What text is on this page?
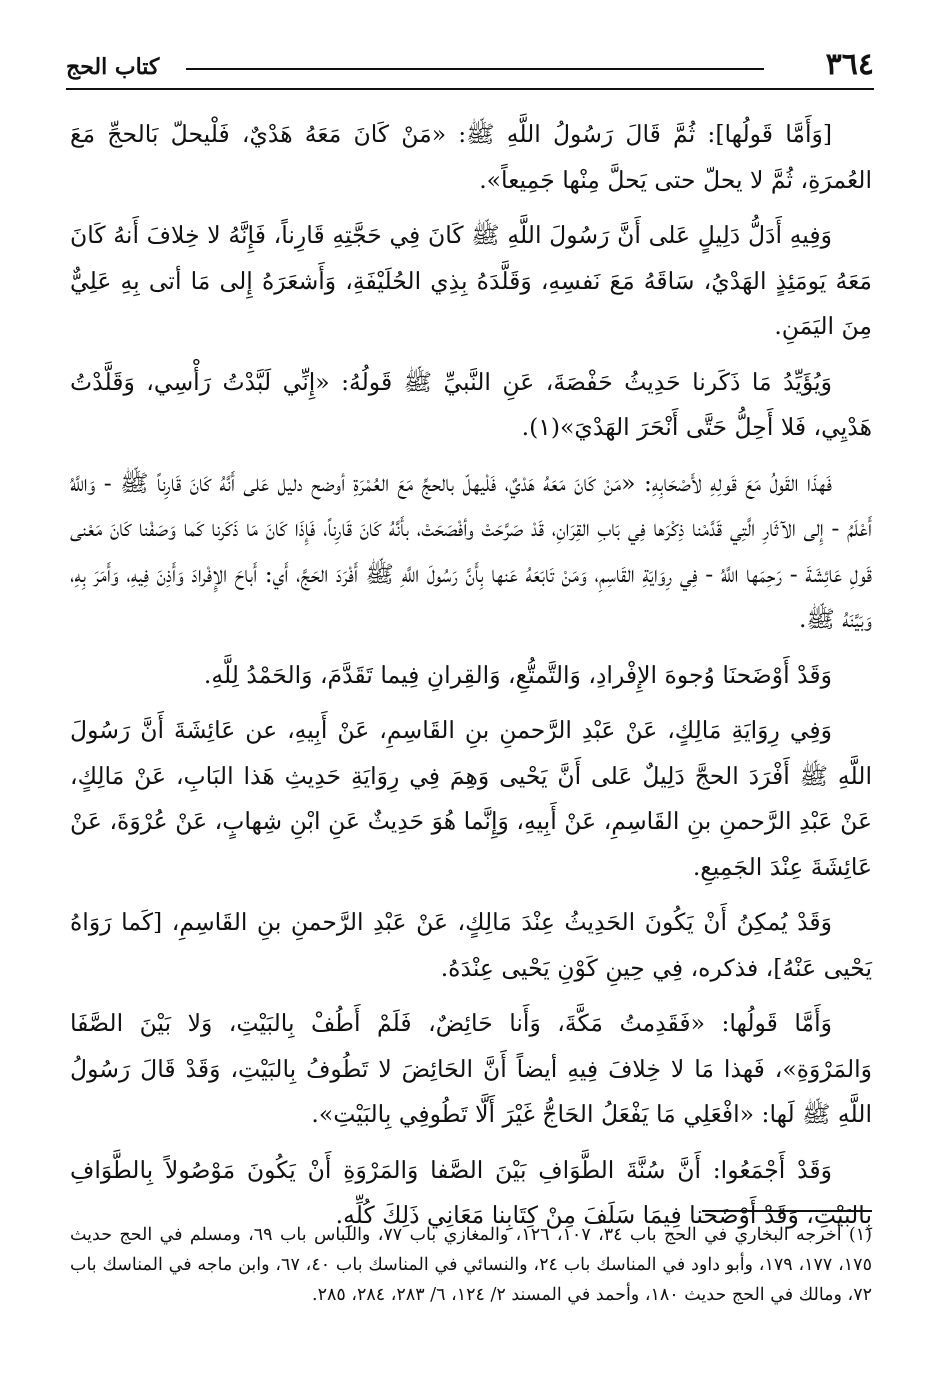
٣٦٤
كتاب الحج

[وَأَمَّا قَولُها]: ثُمَّ قَالَ رَسُولُ اللَّهِ ﷺ: «مَنْ كَانَ مَعَهُ هَدْيٌ، فَلْيحلّ بَالحجِّ مَعَ العُمرَةِ، ثُمَّ لا يحلّ حتى يَحلَّ مِنْها جَمِيعاً».

وَفِيهِ أَدَلُّ دَلِيلٍ عَلى أَنَّ رَسُولَ اللَّهِ ﷺ كَانَ فِي حَجَّتِهِ قَارِناً، فَإِنَّهُ لا خِلافَ أَنهُ كَانَ مَعَهُ يَومَئِذٍ الهَدْيُ، سَاقَهُ مَعَ نَفسِهِ، وَقَلَّدَهُ بِذِي الحُلَيْفَةِ، وَأَشعَرَهُ إِلى مَا أتى بِهِ عَلِيٌّ مِنَ اليَمَنِ.

وَيُؤَيِّدُ مَا ذَكَرنا حَدِيثُ حَفْصَةَ، عَنِ النَّبيِّ ﷺ قَولُهُ: «إِنِّي لَبَّدْتُ رَأْسِي، وَقَلَّدْتُ هَدْيِي، فَلا أَحِلُّ حَتَّى أَنْحَرَ الهَدْيَ»(١).

فَهذَا القَولُ مَعَ قَولِهِ لأَصْحَابِهِ: «مَنْ كَانَ مَعَهُ هَدْيٌ، فَلْيهلّ بالحجِّ مَعَ العُمْرَةِ أوضح دليل عَلى أَنَّهُ كَانَ قَارِناً ﷺ - وَاللَّهُ أَعْلَمُ - إِلى الآثَارِ الَّتِي قَدَّمْنا ذِكْرَها فِي بَابِ القِرَانِ، قَدْ صَرَّحَتْ وأفْصَحَتْ، بأَنَّهُ كَانَ قَارِناً، فَإِذَا كَانَ مَا ذَكَرنا كَما وَصَفْنا كَانَ مَعْنى قَولِ عَائِشَةَ - رَحِمَها اللَّهُ - فِي رِوَايَةِ القَاسِمِ، وَمَنْ تَابَعَهُ عَنها بِأَنَّ رَسُولَ اللَّهِ ﷺ أَفْرَدَ الحَجَّ، أَي: أَباحَ الإِفْرادَ وَأَذِنَ فِيهِ، وَأَمَرَ بِهِ، وَبَيَّنَهُ ﷺ.

وَقَدْ أَوْضَحنَا وُجوهَ الإِفْرادِ، وَالتَّمتُّعِ، وَالقِرانِ فِيما تَقَدَّمَ، وَالحَمْدُ لِلَّهِ.

وَفِي رِوَايَةِ مَالِكٍ، عَنْ عَبْدِ الرَّحمنِ بنِ القَاسِمِ، عَنْ أَبِيهِ، عن عَائِشَةَ أَنَّ رَسُولَ اللَّهِ ﷺ أَفْرَدَ الحجَّ دَلِيلٌ عَلى أَنَّ يَحْيى وَهِمَ فِي رِوَايَةِ حَدِيثِ هَذا البَابِ، عَنْ مَالِكٍ، عَنْ عَبْدِ الرَّحمنِ بنِ القَاسِمِ، عَنْ أَبِيهِ، وَإِنَّما هُوَ حَدِيثٌ عَنِ ابْنِ شِهابٍ، عَنْ عُرْوَةَ، عَنْ عَائِشَةَ عِنْدَ الجَمِيعِ.

وَقَدْ يُمكِنُ أَنْ يَكُونَ الحَدِيثُ عِنْدَ مَالِكٍ، عَنْ عَبْدِ الرَّحمنِ بنِ القَاسِمِ، [كَما رَوَاهُ يَحْيى عَنْهُ]، فذكره، فِي حِينِ كَوْنِ يَحْيى عِنْدَهُ.

وَأَمَّا قَولُها: «فَقَدِمتُ مَكَّةَ، وَأَنا حَائِضٌ، فَلَمْ أَطُفْ بِالبَيْتِ، وَلا بَيْنَ الصَّفَا وَالمَرْوَةِ»، فَهذا مَا لا خِلافَ فِيهِ أيضاً أَنَّ الحَائِضَ لا تَطُوفُ بِالبَيْتِ، وَقَدْ قَالَ رَسُولُ اللَّهِ ﷺ لَها: «افْعَلِي مَا يَفْعَلُ الحَاجُّ غَيْرَ أَلَّا تَطُوفِي بِالبَيْتِ».

وَقَدْ أَجْمَعُوا: أَنَّ سُنَّةَ الطَّوَافِ بَيْنَ الصَّفا وَالمَرْوَةِ أَنْ يَكُونَ مَوْصُولاً بِالطَّوَافِ بِالبَيْتِ، وَقَدْ أَوْضَحنا فِيمَا سَلَفَ مِنْ كِتَابِنا مَعَانِي ذَلِكَ كُلِّهِ.

(١) أخرجه البخاري في الحج باب ٣٤، ١٠٧، ١٢٦، والمغازي باب ٧٧، واللباس باب ٦٩، ومسلم في الحج حديث ١٧٥، ١٧٧، ١٧٩، وأبو داود في المناسك باب ٢٤، والنسائي في المناسك باب ٤٠، ٦٧، وابن ماجه في المناسك باب ٧٢، ومالك في الحج حديث ١٨٠، وأحمد في المسند ٢/ ١٢٤، ٦/ ٢٨٣، ٢٨٤، ٢٨٥.
